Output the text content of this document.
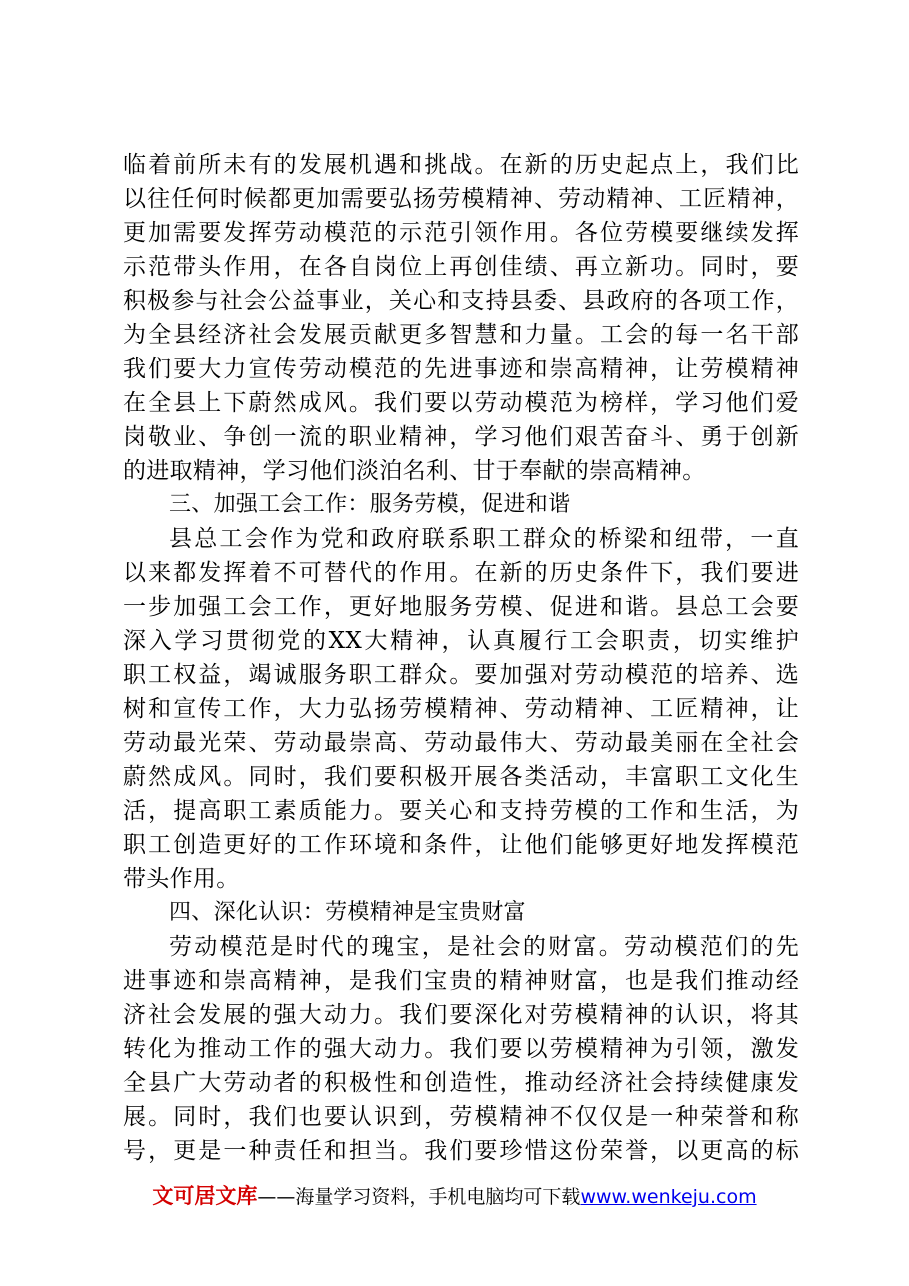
临着前所未有的发展机遇和挑战。在新的历史起点上，我们比
以往任何时候都更加需要弘扬劳模精神、劳动精神、工匠精神，
更加需要发挥劳动模范的示范引领作用。各位劳模要继续发挥
示范带头作用，在各自岗位上再创佳绩、再立新功。同时，要
积极参与社会公益事业，关心和支持县委、县政府的各项工作，
为全县经济社会发展贡献更多智慧和力量。工会的每一名干部
我们要大力宣传劳动模范的先进事迹和崇高精神，让劳模精神
在全县上下蔚然成风。我们要以劳动模范为榜样，学习他们爱
岗敬业、争创一流的职业精神，学习他们艰苦奋斗、勇于创新
的进取精神，学习他们淡泊名利、甘于奉献的崇高精神。
三、加强工会工作：服务劳模，促进和谐
县总工会作为党和政府联系职工群众的桥梁和纽带，一直
以来都发挥着不可替代的作用。在新的历史条件下，我们要进
一步加强工会工作，更好地服务劳模、促进和谐。县总工会要
深入学习贯彻党的XX大精神，认真履行工会职责，切实维护
职工权益，竭诚服务职工群众。要加强对劳动模范的培养、选
树和宣传工作，大力弘扬劳模精神、劳动精神、工匠精神，让
劳动最光荣、劳动最崇高、劳动最伟大、劳动最美丽在全社会
蔚然成风。同时，我们要积极开展各类活动，丰富职工文化生
活，提高职工素质能力。要关心和支持劳模的工作和生活，为
职工创造更好的工作环境和条件，让他们能够更好地发挥模范
带头作用。
四、深化认识：劳模精神是宝贵财富
劳动模范是时代的瑰宝，是社会的财富。劳动模范们的先
进事迹和崇高精神，是我们宝贵的精神财富，也是我们推动经
济社会发展的强大动力。我们要深化对劳模精神的认识，将其
转化为推动工作的强大动力。我们要以劳模精神为引领，激发
全县广大劳动者的积极性和创造性，推动经济社会持续健康发
展。同时，我们也要认识到，劳模精神不仅仅是一种荣誉和称
号，更是一种责任和担当。我们要珍惜这份荣誉，以更高的标
文可居文库——海量学习资料，手机电脑均可下载www.wenkeju.com
